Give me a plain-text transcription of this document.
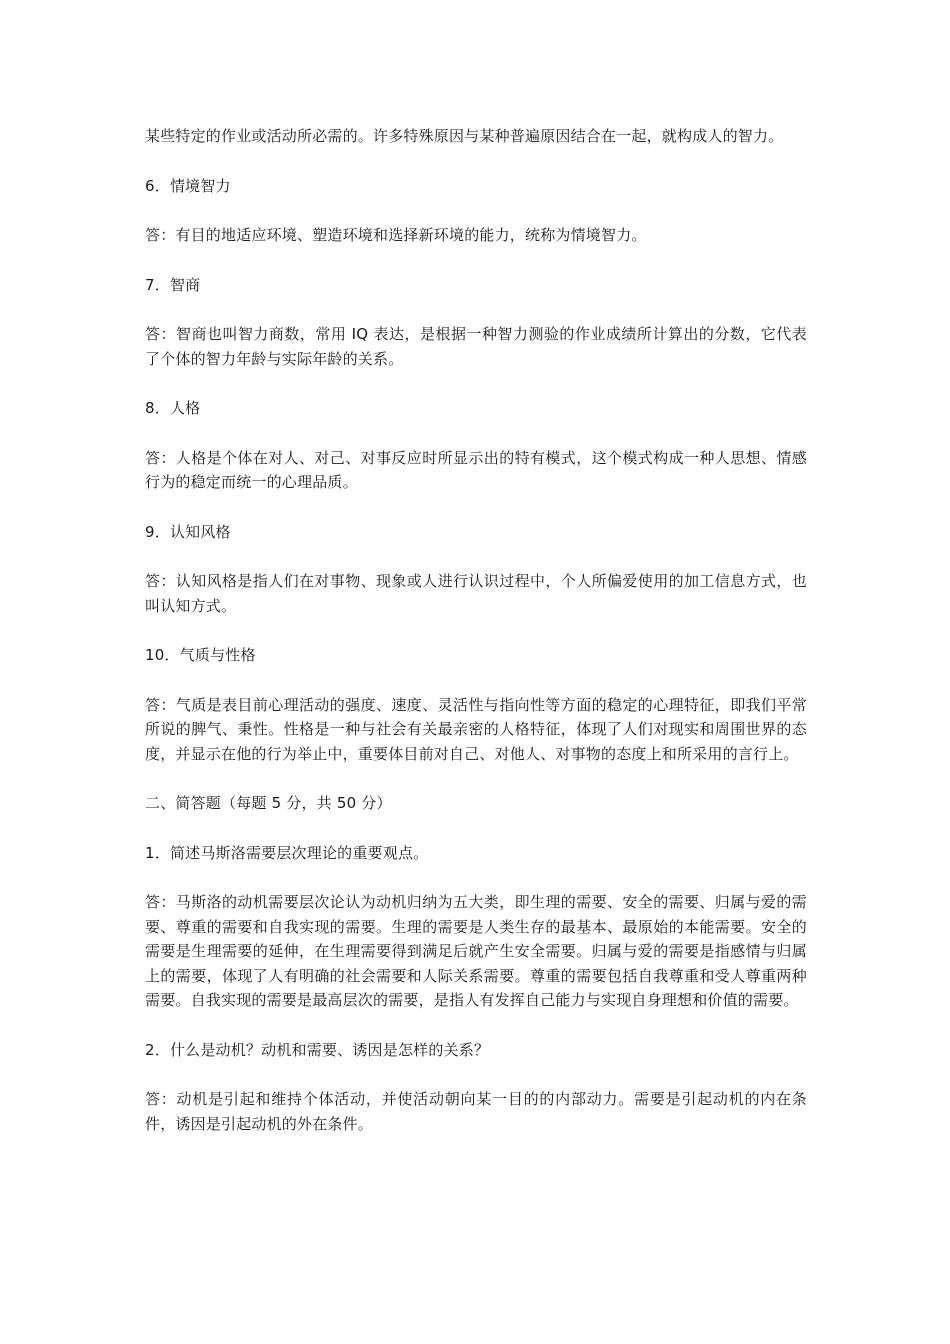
某些特定的作业或活动所必需的。许多特殊原因与某种普遍原因结合在一起，就构成人的智力。

6．情境智力

答：有目的地适应环境、塑造环境和选择新环境的能力，统称为情境智力。

7．智商

答：智商也叫智力商数，常用 IQ 表达，是根据一种智力测验的作业成绩所计算出的分数，它代表了个体的智力年龄与实际年龄的关系。

8．人格

答：人格是个体在对人、对己、对事反应时所显示出的特有模式，这个模式构成一种人思想、情感行为的稳定而统一的心理品质。

9．认知风格

答：认知风格是指人们在对事物、现象或人进行认识过程中，个人所偏爱使用的加工信息方式，也叫认知方式。

10．气质与性格

答：气质是表目前心理活动的强度、速度、灵活性与指向性等方面的稳定的心理特征，即我们平常所说的脾气、秉性。性格是一种与社会有关最亲密的人格特征，体现了人们对现实和周围世界的态度，并显示在他的行为举止中，重要体目前对自己、对他人、对事物的态度上和所采用的言行上。

二、简答题（每题 5 分，共 50 分）

1．简述马斯洛需要层次理论的重要观点。

答：马斯洛的动机需要层次论认为动机归纳为五大类，即生理的需要、安全的需要、归属与爱的需要、尊重的需要和自我实现的需要。生理的需要是人类生存的最基本、最原始的本能需要。安全的需要是生理需要的延伸，在生理需要得到满足后就产生安全需要。归属与爱的需要是指感情与归属上的需要，体现了人有明确的社会需要和人际关系需要。尊重的需要包括自我尊重和受人尊重两种需要。自我实现的需要是最高层次的需要，是指人有发挥自己能力与实现自身理想和价值的需要。

2．什么是动机？动机和需要、诱因是怎样的关系？

答：动机是引起和维持个体活动，并使活动朝向某一目的的内部动力。需要是引起动机的内在条件，诱因是引起动机的外在条件。
